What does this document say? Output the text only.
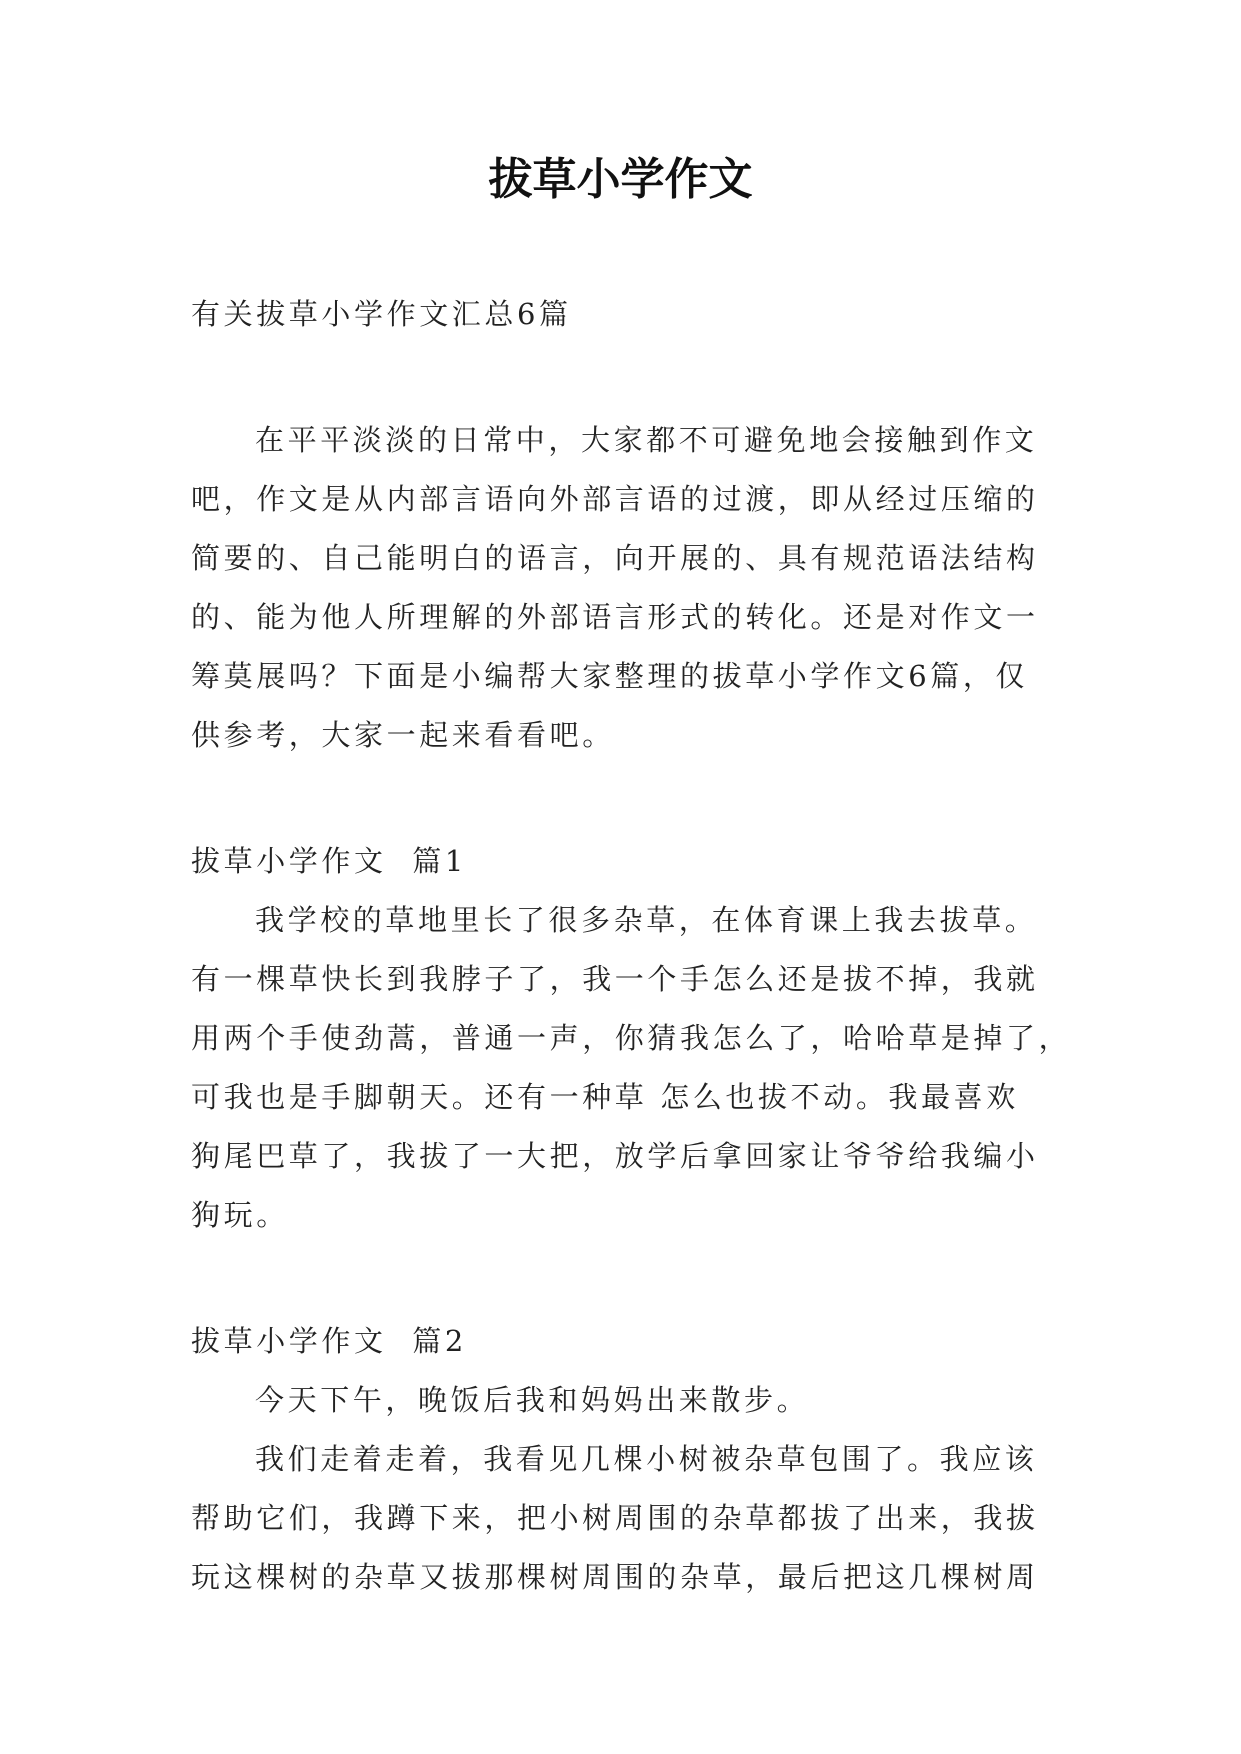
拔草小学作文
有关拔草小学作文汇总6篇
在平平淡淡的日常中，大家都不可避免地会接触到作文
吧，作文是从内部言语向外部言语的过渡，即从经过压缩的
简要的、自己能明白的语言，向开展的、具有规范语法结构
的、能为他人所理解的外部语言形式的转化。还是对作文一
筹莫展吗？下面是小编帮大家整理的拔草小学作文6篇，仅
供参考，大家一起来看看吧。
拔草小学作文  篇1
我学校的草地里长了很多杂草，在体育课上我去拔草。
有一棵草快长到我脖子了，我一个手怎么还是拔不掉，我就
用两个手使劲蒿，普通一声，你猜我怎么了，哈哈草是掉了，
可我也是手脚朝天。还有一种草 怎么也拔不动。我最喜欢
狗尾巴草了，我拔了一大把，放学后拿回家让爷爷给我编小
狗玩。
拔草小学作文  篇2
今天下午，晚饭后我和妈妈出来散步。
我们走着走着，我看见几棵小树被杂草包围了。我应该
帮助它们，我蹲下来，把小树周围的杂草都拔了出来，我拔
玩这棵树的杂草又拔那棵树周围的杂草，最后把这几棵树周
